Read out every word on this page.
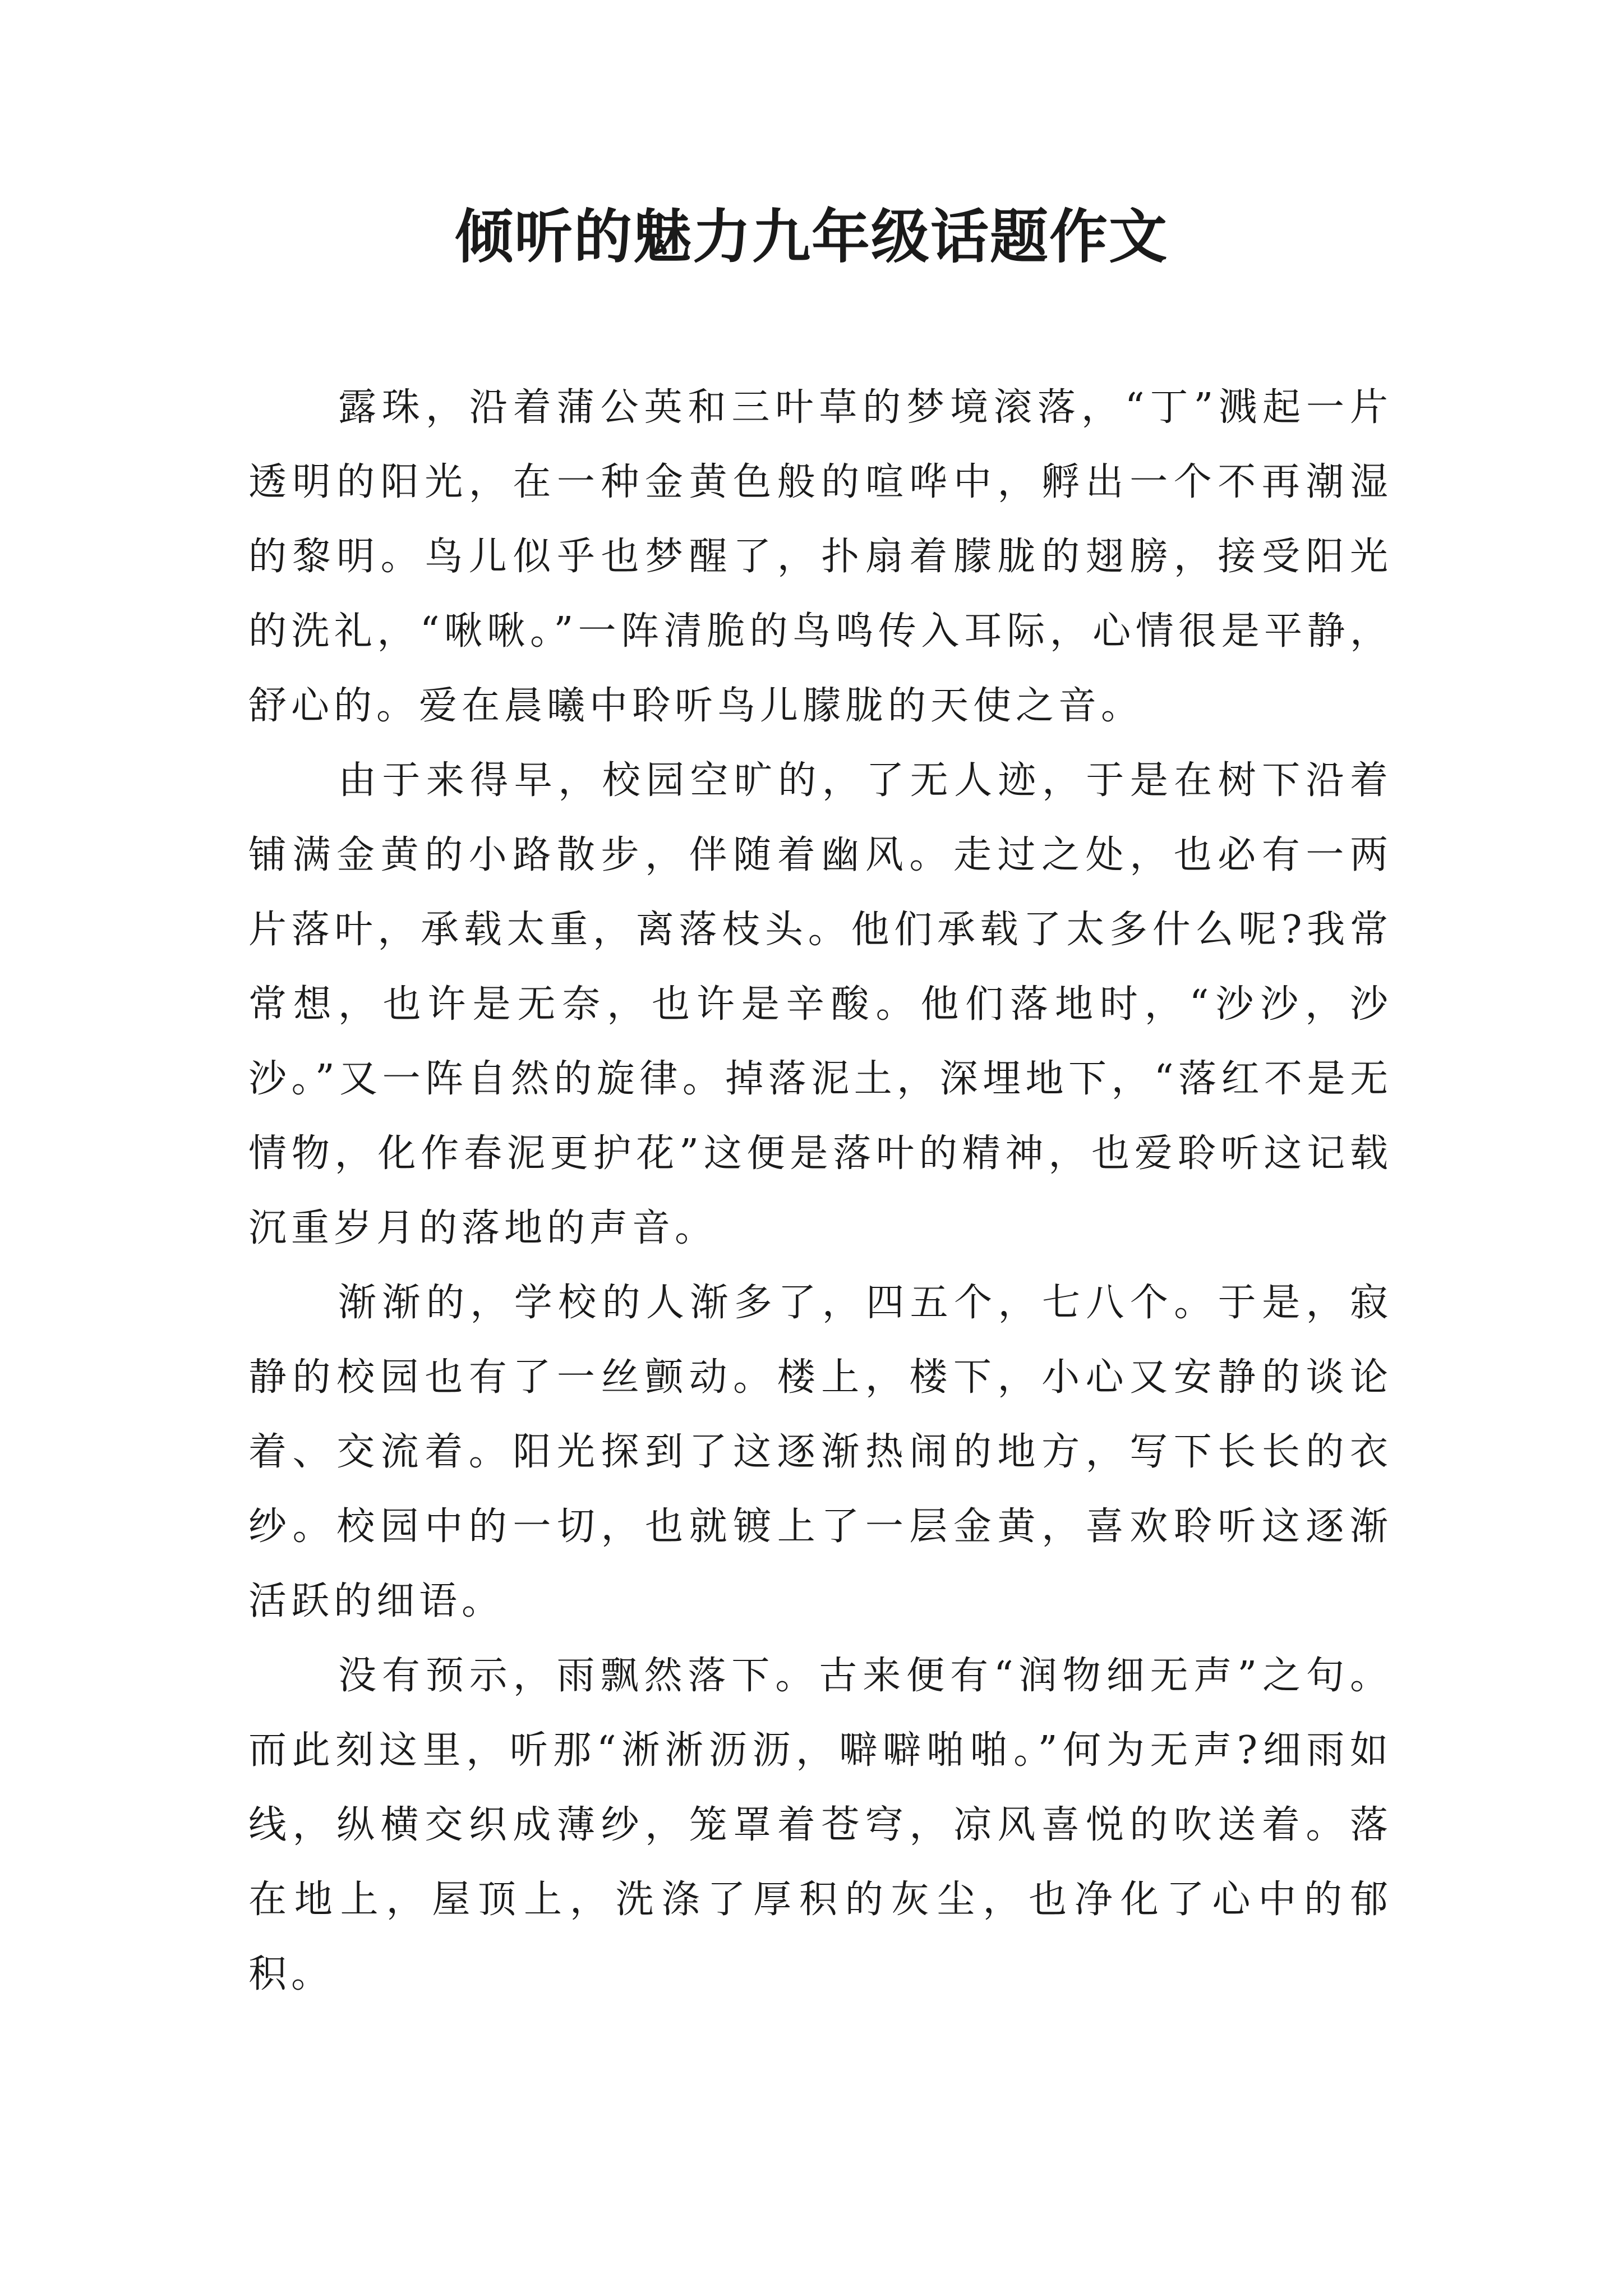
倾听的魅力九年级话题作文

露珠，沿着蒲公英和三叶草的梦境滚落，“丁”溅起一片透明的阳光，在一种金黄色般的喧哗中，孵出一个不再潮湿的黎明。鸟儿似乎也梦醒了，扑扇着朦胧的翅膀，接受阳光的洗礼，“啾啾。”一阵清脆的鸟鸣传入耳际，心情很是平静，舒心的。爱在晨曦中聆听鸟儿朦胧的天使之音。

由于来得早，校园空旷的，了无人迹，于是在树下沿着铺满金黄的小路散步，伴随着幽风。走过之处，也必有一两片落叶，承载太重，离落枝头。他们承载了太多什么呢?我常常想，也许是无奈，也许是辛酸。他们落地时，“沙沙，沙沙。”又一阵自然的旋律。掉落泥土，深埋地下，“落红不是无情物，化作春泥更护花”这便是落叶的精神，也爱聆听这记载沉重岁月的落地的声音。

渐渐的，学校的人渐多了，四五个，七八个。于是，寂静的校园也有了一丝颤动。楼上，楼下，小心又安静的谈论着、交流着。阳光探到了这逐渐热闹的地方，写下长长的衣纱。校园中的一切，也就镀上了一层金黄，喜欢聆听这逐渐活跃的细语。

没有预示，雨飘然落下。古来便有“润物细无声”之句。而此刻这里，听那“淅淅沥沥，噼噼啪啪。”何为无声?细雨如线，纵横交织成薄纱，笼罩着苍穹，凉风喜悦的吹送着。落在地上，屋顶上，洗涤了厚积的灰尘，也净化了心中的郁积。
